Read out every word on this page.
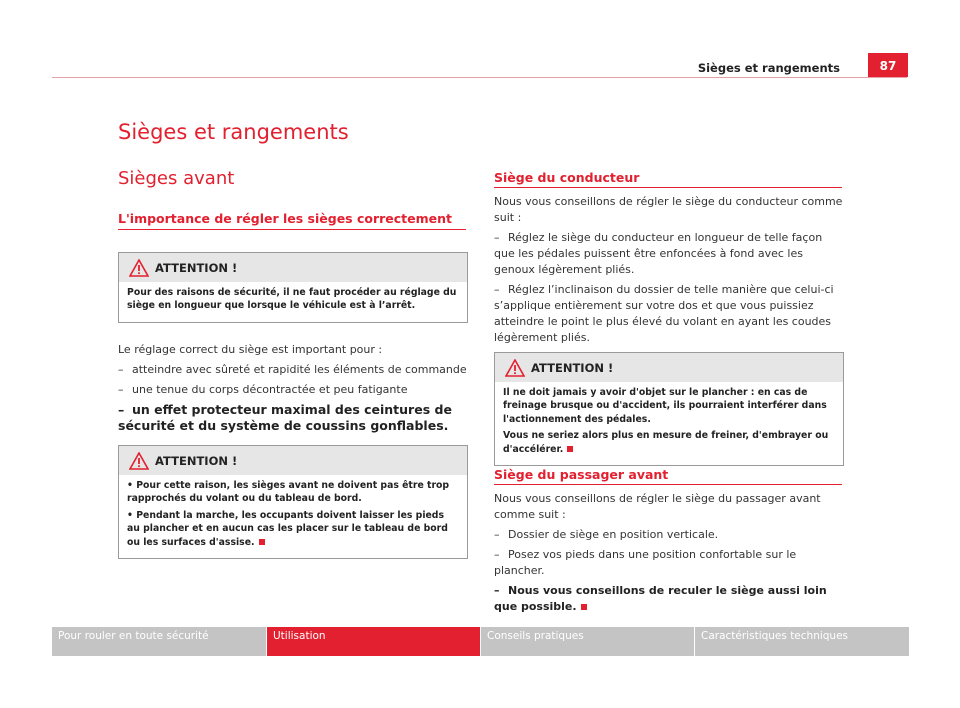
Sièges et rangements	87
Sièges et rangements
Sièges avant
L'importance de régler les sièges correctement
ATTENTION !

Pour des raisons de sécurité, il ne faut procéder au réglage du siège en longueur que lorsque le véhicule est à l’arrêt.

Le réglage correct du siège est important pour :

– atteindre avec sûreté et rapidité les éléments de commande

– une tenue du corps décontractée et peu fatigante

– un effet protecteur maximal des ceintures de sécurité et du système de coussins gonflables.

ATTENTION !

• Pour cette raison, les sièges avant ne doivent pas être trop rapprochés du volant ou du tableau de bord.

• Pendant la marche, les occupants doivent laisser les pieds au plancher et en aucun cas les placer sur le tableau de bord ou les surfaces d'assise.

Siège du conducteur

Nous vous conseillons de régler le siège du conducteur comme suit :

– Réglez le siège du conducteur en longueur de telle façon que les pédales puissent être enfoncées à fond avec les genoux légèrement pliés.

– Réglez l’inclinaison du dossier de telle manière que celui-ci s’applique entièrement sur votre dos et que vous puissiez atteindre le point le plus élevé du volant en ayant les coudes légèrement pliés.

ATTENTION !

Il ne doit jamais y avoir d'objet sur le plancher : en cas de freinage brusque ou d'accident, ils pourraient interférer dans l'actionnement des pédales.

Vous ne seriez alors plus en mesure de freiner, d'embrayer ou d'accélérer.

Siège du passager avant

Nous vous conseillons de régler le siège du passager avant comme suit :

– Dossier de siège en position verticale.

– Posez vos pieds dans une position confortable sur le plancher.

– Nous vous conseillons de reculer le siège aussi loin que possible.

Pour rouler en toute sécurité	Utilisation	Conseils pratiques	Caractéristiques techniques
